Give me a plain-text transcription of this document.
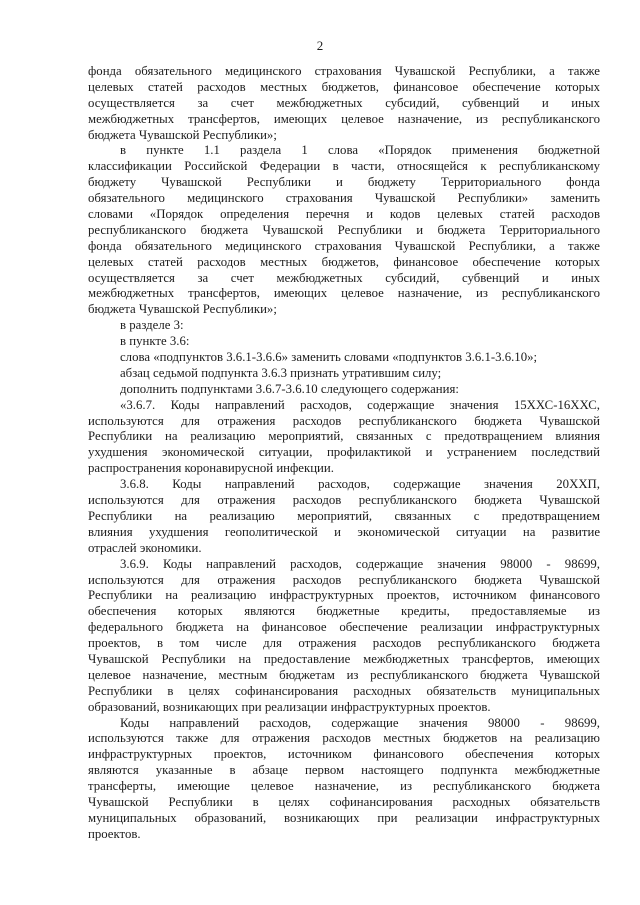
2
фонда обязательного медицинского страхования Чувашской Республики, а также
целевых статей расходов местных бюджетов, финансовое обеспечение которых
осуществляется за счет межбюджетных субсидий, субвенций и иных
межбюджетных трансфертов, имеющих целевое назначение, из республиканского
бюджета Чувашской Республики»;
в пункте 1.1 раздела 1 слова «Порядок применения бюджетной
классификации Российской Федерации в части, относящейся к республиканскому
бюджету Чувашской Республики и бюджету Территориального фонда
обязательного медицинского страхования Чувашской Республики» заменить
словами «Порядок определения перечня и кодов целевых статей расходов
республиканского бюджета Чувашской Республики и бюджета Территориального
фонда обязательного медицинского страхования Чувашской Республики, а также
целевых статей расходов местных бюджетов, финансовое обеспечение которых
осуществляется за счет межбюджетных субсидий, субвенций и иных
межбюджетных трансфертов, имеющих целевое назначение, из республиканского
бюджета Чувашской Республики»;
в разделе 3:
в пункте 3.6:
слова «подпунктов 3.6.1-3.6.6» заменить словами «подпунктов 3.6.1-3.6.10»;
абзац седьмой подпункта 3.6.3 признать утратившим силу;
дополнить подпунктами 3.6.7-3.6.10 следующего содержания:
«3.6.7. Коды направлений расходов, содержащие значения 15ХХС-16ХХС,
используются для отражения расходов республиканского бюджета Чувашской
Республики на реализацию мероприятий, связанных с предотвращением влияния
ухудшения экономической ситуации, профилактикой и устранением последствий
распространения коронавирусной инфекции.
3.6.8. Коды направлений расходов, содержащие значения 20ХХП,
используются для отражения расходов республиканского бюджета Чувашской
Республики на реализацию мероприятий, связанных с предотвращением
влияния ухудшения геополитической и экономической ситуации на развитие
отраслей экономики.
3.6.9. Коды направлений расходов, содержащие значения 98000 - 98699,
используются для отражения расходов республиканского бюджета Чувашской
Республики на реализацию инфраструктурных проектов, источником финансового
обеспечения которых являются бюджетные кредиты, предоставляемые из
федерального бюджета на финансовое обеспечение реализации инфраструктурных
проектов, в том числе для отражения расходов республиканского бюджета
Чувашской Республики на предоставление межбюджетных трансфертов, имеющих
целевое назначение, местным бюджетам из республиканского бюджета Чувашской
Республики в целях софинансирования расходных обязательств муниципальных
образований, возникающих при реализации инфраструктурных проектов.
Коды направлений расходов, содержащие значения 98000 - 98699,
используются также для отражения расходов местных бюджетов на реализацию
инфраструктурных проектов, источником финансового обеспечения которых
являются указанные в абзаце первом настоящего подпункта межбюджетные
трансферты, имеющие целевое назначение, из республиканского бюджета
Чувашской Республики в целях софинансирования расходных обязательств
муниципальных образований, возникающих при реализации инфраструктурных
проектов.
